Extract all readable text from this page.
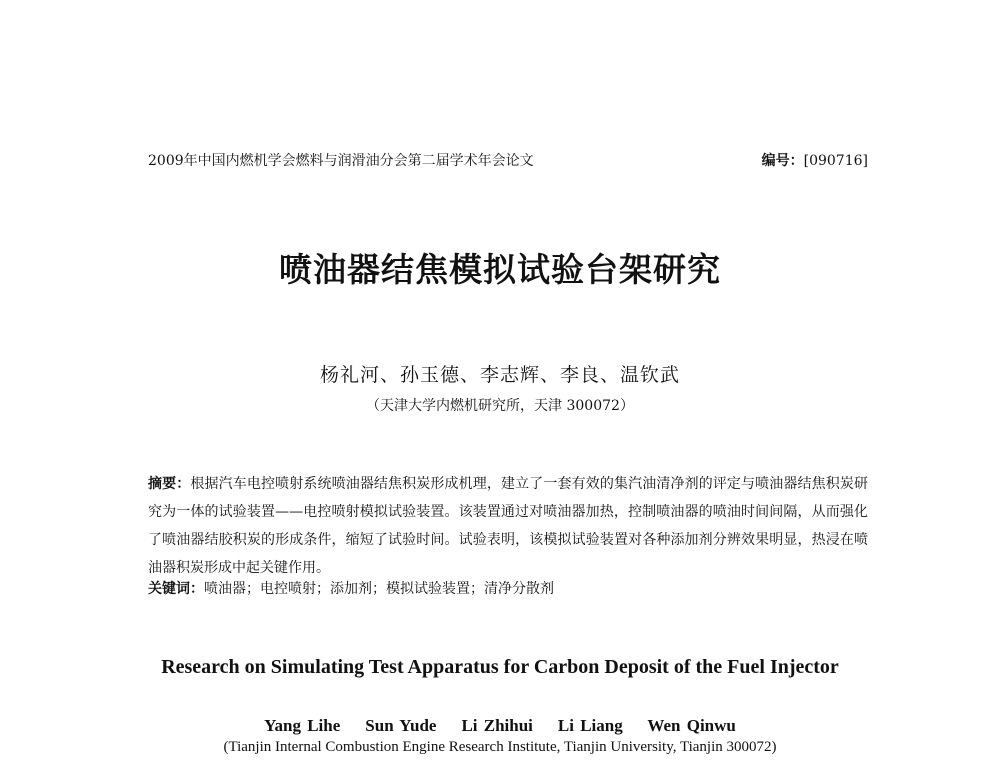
2009年中国内燃机学会燃料与润滑油分会第二届学术年会论文	编号：[090716]
喷油器结焦模拟试验台架研究
杨礼河、孙玉德、李志辉、李良、温钦武
（天津大学内燃机研究所，天津 300072）
摘要：根据汽车电控喷射系统喷油器结焦积炭形成机理，建立了一套有效的集汽油清净剂的评定与喷油器结焦积炭研究为一体的试验装置——电控喷射模拟试验装置。该装置通过对喷油器加热，控制喷油器的喷油时间间隔，从而强化了喷油器结胶积炭的形成条件，缩短了试验时间。试验表明，该模拟试验装置对各种添加剂分辨效果明显，热浸在喷油器积炭形成中起关键作用。
关键词：喷油器；电控喷射；添加剂；模拟试验装置；清净分散剂
Research on Simulating Test Apparatus for Carbon Deposit of the Fuel Injector
Yang Lihe    Sun Yude    Li Zhihui    Li Liang    Wen Qinwu
(Tianjin Internal Combustion Engine Research Institute, Tianjin University, Tianjin 300072)
